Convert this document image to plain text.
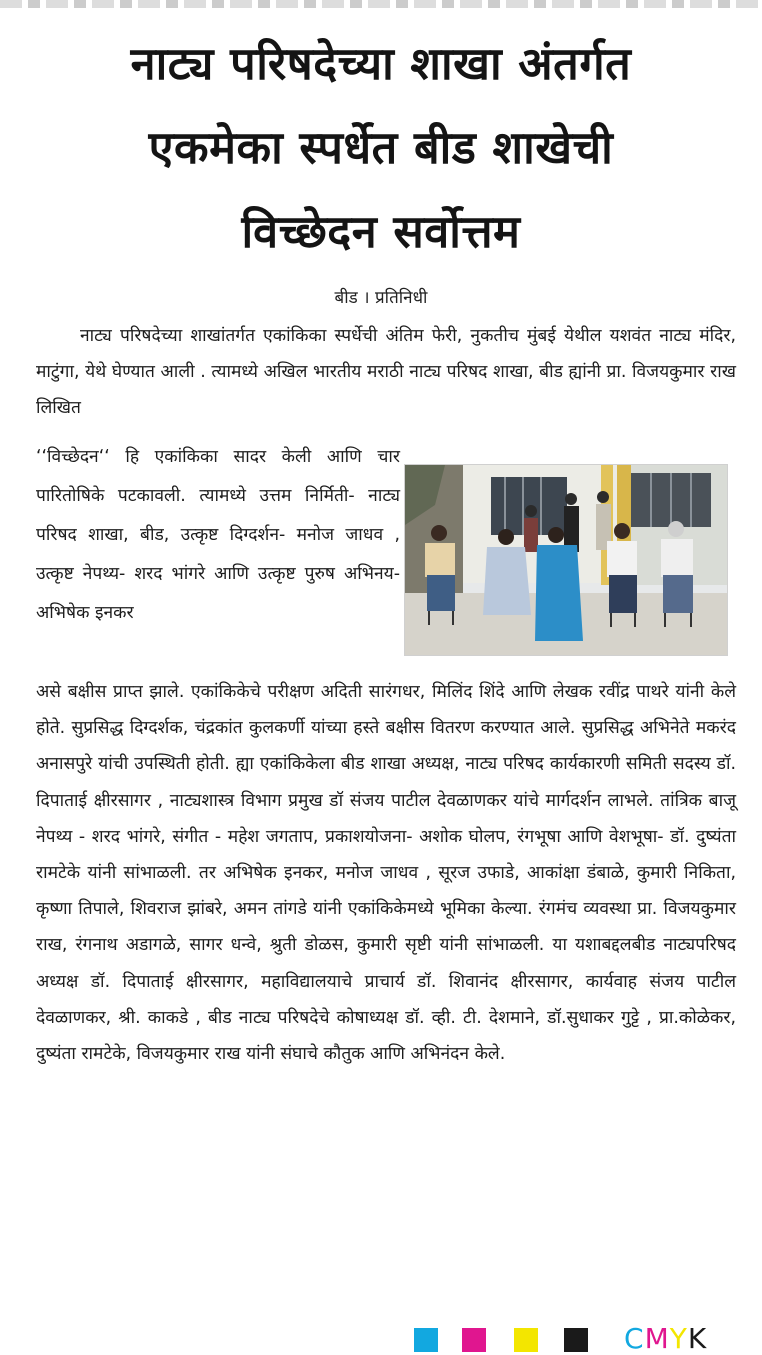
नाट्य परिषदेच्या शाखा अंतर्गत
एकमेका स्पर्धेत बीड शाखेची
विच्छेदन सर्वोत्तम
बीड । प्रतिनिधी

नाट्य परिषदेच्या शाखांतर्गत एकांकिका स्पर्धेची अंतिम फेरी, नुकतीच मुंबई येथील यशवंत नाट्य मंदिर, माटुंगा, येथे घेण्यात आली . त्यामध्ये अखिल भारतीय मराठी नाट्य परिषद शाखा, बीड ह्यांनी प्रा. विजयकुमार राख लिखित

‘‘विच्छेदन‘‘ हि एकांकिका सादर केली आणि चार पारितोषिके पटकावली. त्यामध्ये उत्तम निर्मिती- नाट्य परिषद शाखा, बीड, उत्कृष्ट दिग्दर्शन- मनोज जाधव , उत्कृष्ट नेपथ्य- शरद भांगरे आणि उत्कृष्ट पुरुष अभिनय- अभिषेक इनकर

असे बक्षीस प्राप्त झाले. एकांकिकेचे परीक्षण अदिती सारंगधर, मिलिंद शिंदे आणि लेखक रवींद्र पाथरे यांनी केले होते. सुप्रसिद्ध दिग्दर्शक, चंद्रकांत कुलकर्णी यांच्या हस्ते बक्षीस वितरण करण्यात आले. सुप्रसिद्ध अभिनेते मकरंद अनासपुरे यांची उपस्थिती होती. ह्या एकांकिकेला बीड शाखा अध्यक्ष, नाट्य परिषद कार्यकारणी समिती सदस्य डॉ. दिपाताई क्षीरसागर , नाट्यशास्त्र विभाग प्रमुख डॉ संजय पाटील देवळाणकर यांचे मार्गदर्शन लाभले. तांत्रिक बाजू नेपथ्य - शरद भांगरे, संगीत - महेश जगताप, प्रकाशयोजना- अशोक घोलप, रंगभूषा आणि वेशभूषा- डॉ. दुष्यंता रामटेके यांनी सांभाळली. तर अभिषेक इनकर, मनोज जाधव , सूरज उफाडे, आकांक्षा डंबाळे, कुमारी निकिता, कृष्णा तिपाले, शिवराज झांबरे, अमन तांगडे यांनी एकांकिकेमध्ये भूमिका केल्या. रंगमंच व्यवस्था प्रा. विजयकुमार राख, रंगनाथ अडागळे, सागर धन्वे, श्रुती डोळस, कुमारी सृष्टी यांनी सांभाळली. या यशाबद्दलबीड नाट्यपरिषद अध्यक्ष डॉ. दिपाताई क्षीरसागर, महाविद्यालयाचे प्राचार्य डॉ. शिवानंद क्षीरसागर, कार्यवाह संजय पाटील देवळाणकर, श्री. काकडे , बीड नाट्य परिषदेचे कोषाध्यक्ष डॉ. व्ही. टी. देशमाने, डॉ.सुधाकर गुट्टे , प्रा.कोळेकर, दुष्यंता रामटेके, विजयकुमार राख यांनी संघाचे कौतुक आणि अभिनंदन केले.

CMYK
